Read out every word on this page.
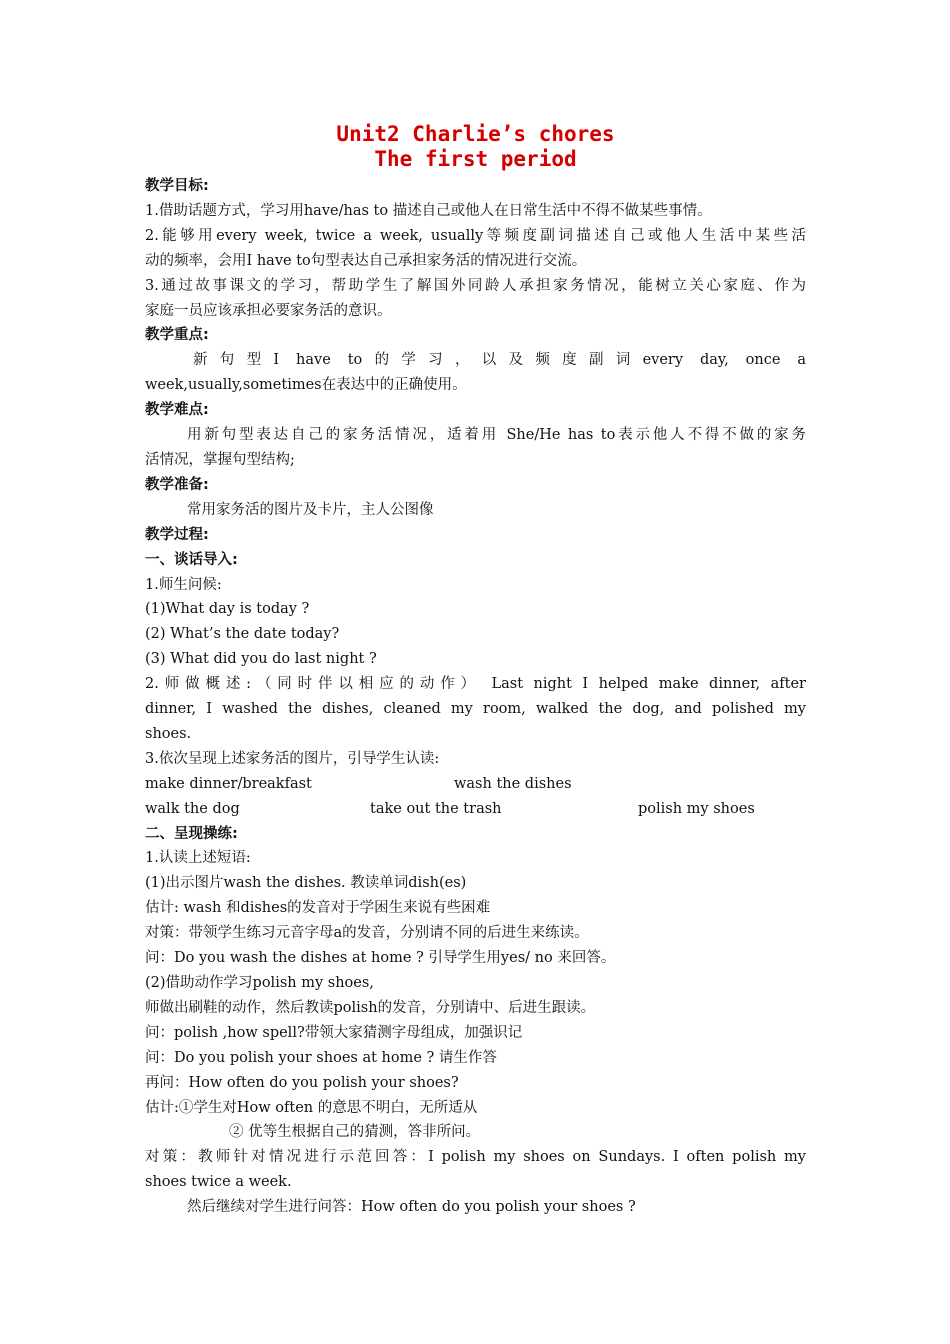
Unit2 Charlie’s chores

The first period

教学目标:

1.借助话题方式，学习用have/has to 描述自己或他人在日常生活中不得不做某些事情。

2.能够用every week, twice a week, usually等频度副词描述自己或他人生活中某些活

动的频率，会用I have to句型表达自己承担家务活的情况进行交流。

3.通过故事课文的学习，帮助学生了解国外同龄人承担家务情况，能树立关心家庭、作为

家庭一员应该承担必要家务活的意识。

教学重点:

新句型I have to的学习，以及频度副词every day, once a

week,usually,sometimes在表达中的正确使用。

教学难点:

用新句型表达自己的家务活情况，适着用 She/He has to表示他人不得不做的家务

活情况，掌握句型结构;

教学准备:

常用家务活的图片及卡片，主人公图像

教学过程:

一、谈话导入:

1.师生问候:

(1)What day is today ?

(2) What’s the date today?

(3) What did you do last night ?

2.师做概述:（同时伴以相应的动作） Last night I helped make dinner, after

dinner, I washed the dishes, cleaned my room, walked the dog, and polished my

shoes.

3.依次呈现上述家务活的图片，引导学生认读:

make dinner/breakfast	wash the dishes
walk the dog	take out the trash	polish my shoes

二、呈现操练:

1.认读上述短语:

(1)出示图片wash the dishes. 教读单词dish(es)

估计: wash 和dishes的发音对于学困生来说有些困难

对策：带领学生练习元音字母a的发音，分别请不同的后进生来练读。

问：Do you wash the dishes at home ? 引导学生用yes/ no 来回答。

(2)借助动作学习polish my shoes,

师做出刷鞋的动作，然后教读polish的发音，分别请中、后进生跟读。

问：polish ,how spell?带领大家猜测字母组成，加强识记

问：Do you polish your shoes at home ? 请生作答

再问：How often do you polish your shoes?

估计:①学生对How often 的意思不明白，无所适从

② 优等生根据自己的猜测，答非所问。

对策：教师针对情况进行示范回答：I polish my shoes on Sundays. I often polish my

shoes twice a week.

然后继续对学生进行问答：How often do you polish your shoes ?
